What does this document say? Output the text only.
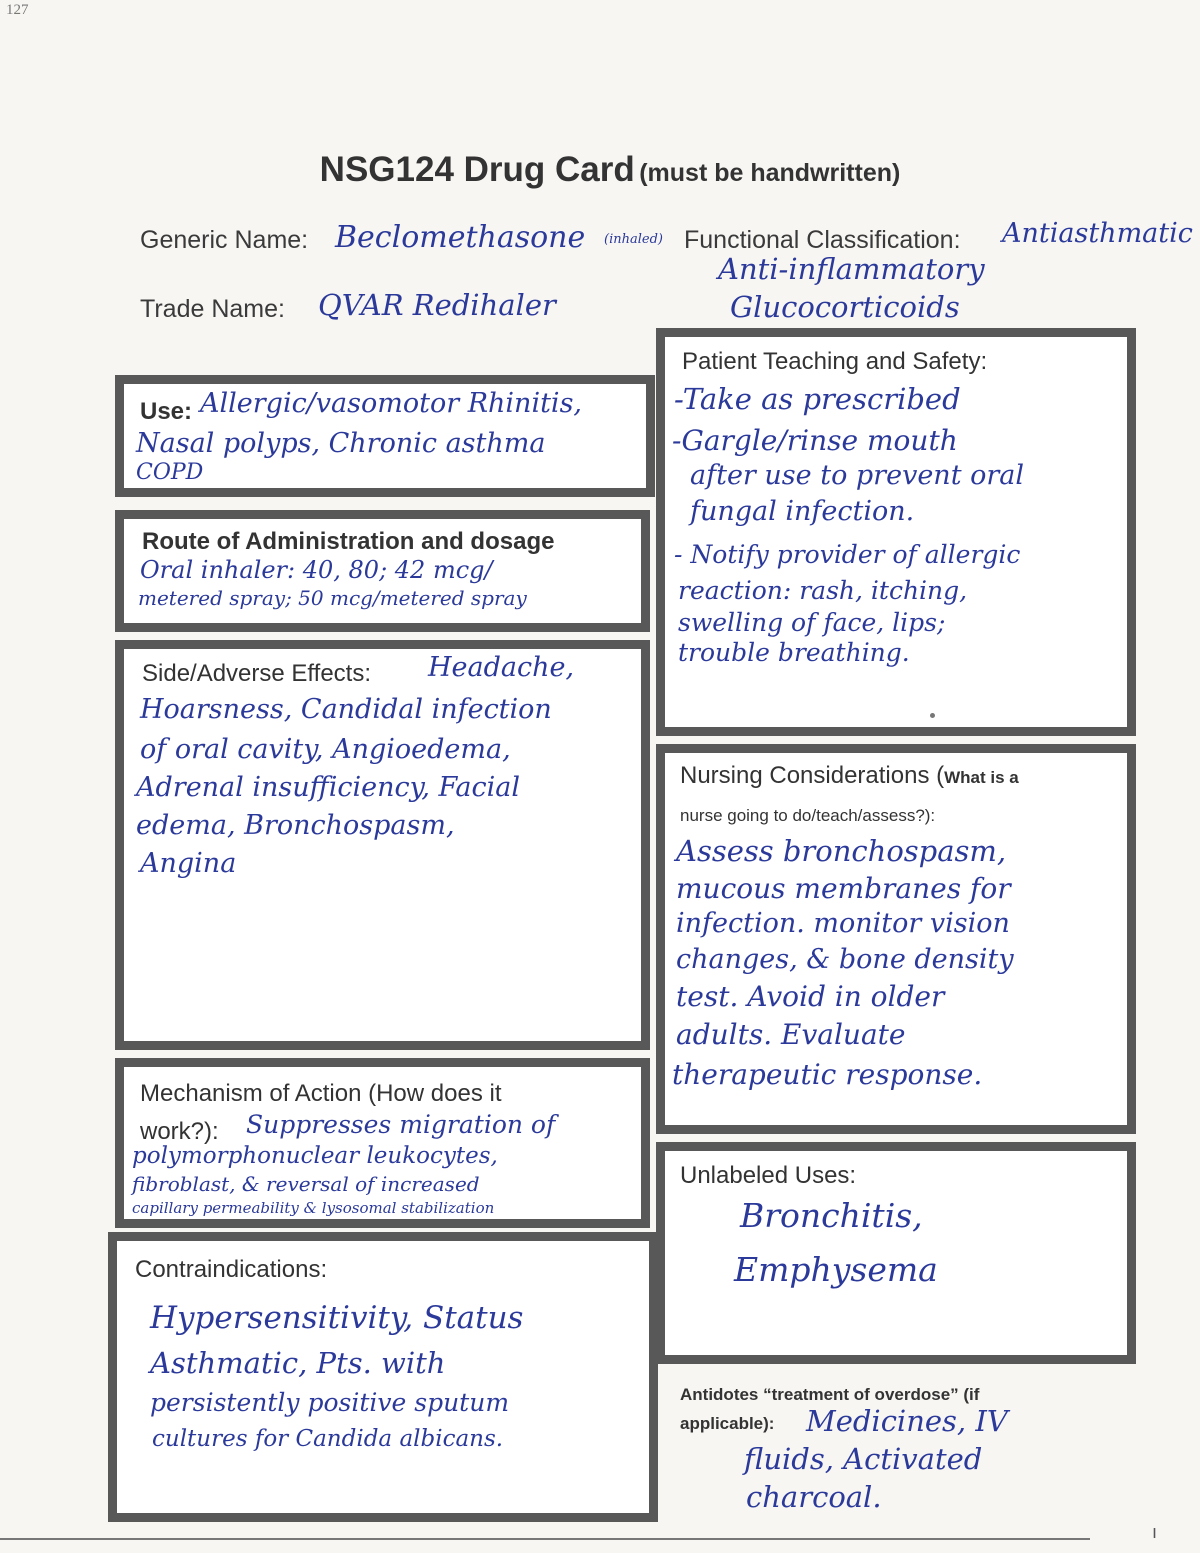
127
NSG124 Drug Card (must be handwritten)
Generic Name: Beclomethasone (inhaled) Functional Classification: Antiasthmatic
Anti-inflammatory
Glucocorticoids
Trade Name: QVAR Redihaler
Use: Allergic/vasomotor Rhinitis,
Nasal polyps, Chronic asthma
COPD
Route of Administration and dosage
Oral inhaler: 40, 80; 42 mcg/
metered spray; 50 mcg/metered spray
Side/Adverse Effects: Headache,
Hoarsness, Candidal infection
of oral cavity, Angioedema,
Adrenal insufficiency, Facial
edema, Bronchospasm,
Angina
Mechanism of Action (How does it
work?): Suppresses migration of
polymorphonuclear leukocytes,
fibroblast, & reversal of increased
capillary permeability & lysosomal stabilization
Contraindications:
Hypersensitivity, Status
Asthmatic, Pts. with
persistently positive sputum
cultures for Candida albicans.
Patient Teaching and Safety:
-Take as prescribed
-Gargle/rinse mouth
after use to prevent oral
fungal infection.
- Notify provider of allergic
reaction: rash, itching,
swelling of face, lips;
trouble breathing.
Nursing Considerations (What is a
nurse going to do/teach/assess?):
Assess bronchospasm,
mucous membranes for
infection. monitor vision
changes, & bone density
test. Avoid in older
adults. Evaluate
therapeutic response.
Unlabeled Uses:
Bronchitis,
Emphysema
Antidotes “treatment of overdose” (if
applicable): Medicines, IV
fluids, Activated
charcoal.
ı
